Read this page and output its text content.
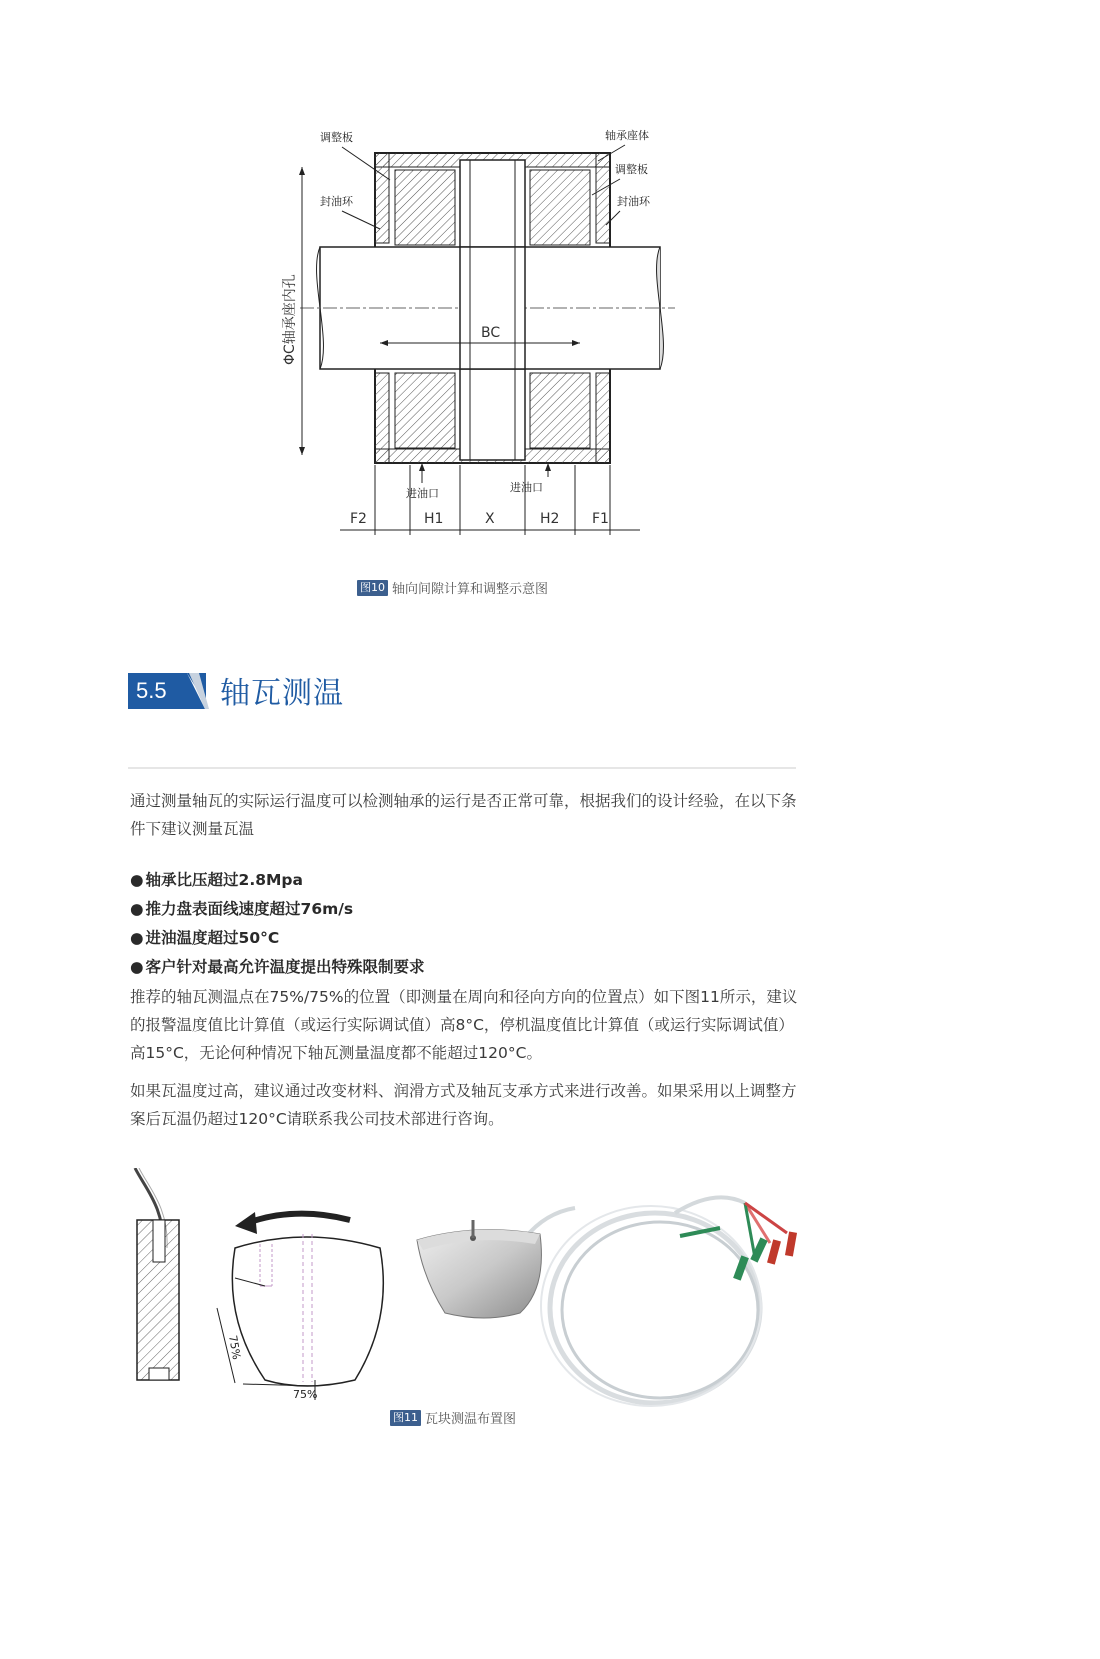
BC
ΦC轴承座内孔
调整板
封油环
轴承座体
调整板
封油环
进油口	进油口
F2	H1	X	H2 F1
图10 轴向间隙计算和调整示意图
5.5	轴瓦测温
通过测量轴瓦的实际运行温度可以检测轴承的运行是否正常可靠，根据我们的设计经验，在以下条件下建议测量瓦温
● 轴承比压超过2.8Mpa
● 推力盘表面线速度超过76m/s
● 进油温度超过50°C
● 客户针对最高允许温度提出特殊限制要求
推荐的轴瓦测温点在75%/75%的位置（即测量在周向和径向方向的位置点）如下图11所示，建议的报警温度值比计算值（或运行实际调试值）高8°C，停机温度值比计算值（或运行实际调试值）高15°C，无论何种情况下轴瓦测量温度都不能超过120°C。
如果瓦温度过高，建议通过改变材料、润滑方式及轴瓦支承方式来进行改善。如果采用以上调整方案后瓦温仍超过120°C请联系我公司技术部进行咨询。
75%
75%
图11 瓦块测温布置图
